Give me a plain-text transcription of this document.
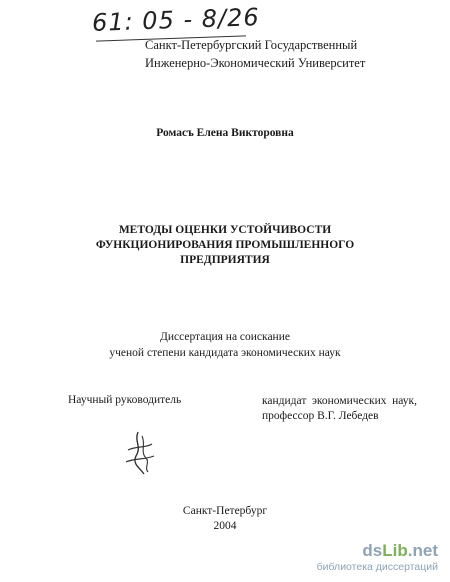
61: 05 - 8/26
Санкт-Петербургский Государственный
Инженерно-Экономический Университет
Ромасъ Елена Викторовна
МЕТОДЫ ОЦЕНКИ УСТОЙЧИВОСТИ
ФУНКЦИОНИРОВАНИЯ ПРОМЫШЛЕННОГО
ПРЕДПРИЯТИЯ
Диссертация на соискание
ученой степени кандидата экономических наук
Научный руководитель	кандидат экономических наук,
профессор В.Г. Лебедев
Санкт-Петербург
2004
dsLib.net
библиотека диссертаций
